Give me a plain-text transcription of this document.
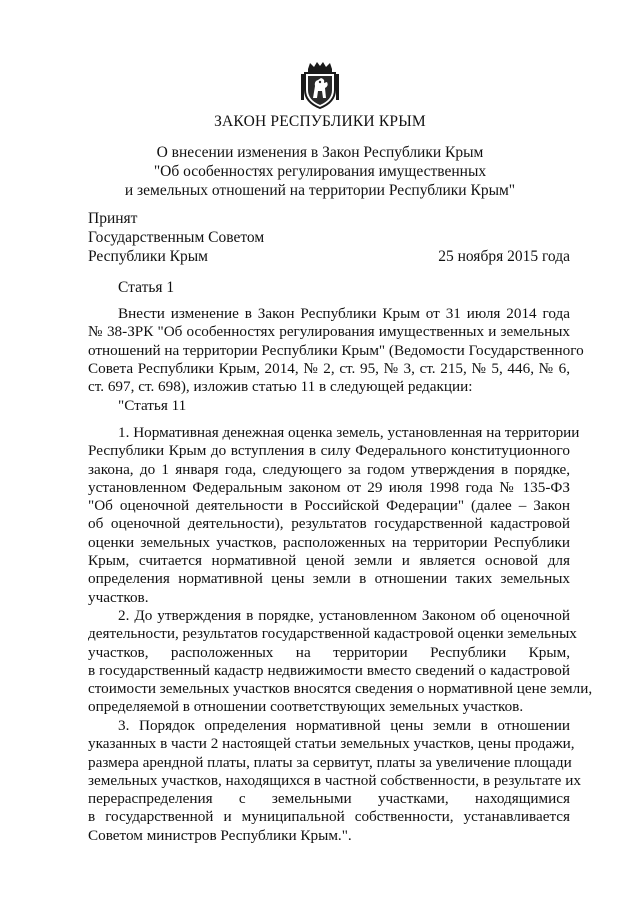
ЗАКОН РЕСПУБЛИКИ КРЫМ
О внесении изменения в Закон Республики Крым
"Об особенностях регулирования имущественных
и земельных отношений на территории Республики Крым"
Принят
Государственным Советом
Республики Крым	25 ноября 2015 года
Статья 1
Внести изменение в Закон Республики Крым от 31 июля 2014 года
№ 38-ЗРК "Об особенностях регулирования имущественных и земельных
отношений на территории Республики Крым" (Ведомости Государственного
Совета Республики Крым, 2014, № 2, ст. 95, № 3, ст. 215, № 5, 446, № 6,
ст. 697, ст. 698), изложив статью 11 в следующей редакции:
"Статья 11
1. Нормативная денежная оценка земель, установленная на территории
Республики Крым до вступления в силу Федерального конституционного
закона, до 1 января года, следующего за годом утверждения в порядке,
установленном Федеральным законом от 29 июля 1998 года № 135-ФЗ
"Об оценочной деятельности в Российской Федерации" (далее – Закон
об оценочной деятельности), результатов государственной кадастровой
оценки земельных участков, расположенных на территории Республики
Крым, считается нормативной ценой земли и является основой для
определения нормативной цены земли в отношении таких земельных
участков.
2. До утверждения в порядке, установленном Законом об оценочной
деятельности, результатов государственной кадастровой оценки земельных
участков, расположенных на территории Республики Крым,
в государственный кадастр недвижимости вместо сведений о кадастровой
стоимости земельных участков вносятся сведения о нормативной цене земли,
определяемой в отношении соответствующих земельных участков.
3. Порядок определения нормативной цены земли в отношении
указанных в части 2 настоящей статьи земельных участков, цены продажи,
размера арендной платы, платы за сервитут, платы за увеличение площади
земельных участков, находящихся в частной собственности, в результате их
перераспределения с земельными участками, находящимися
в государственной и муниципальной собственности, устанавливается
Советом министров Республики Крым.".
